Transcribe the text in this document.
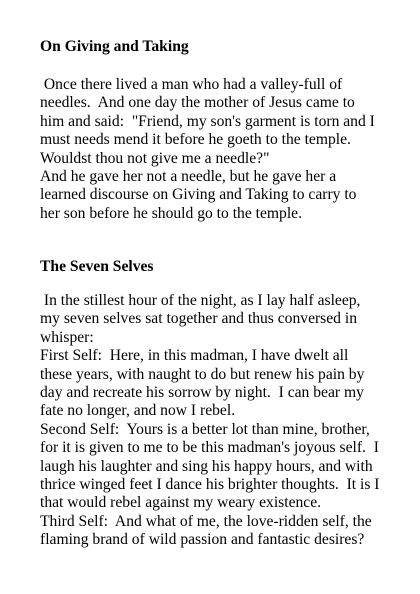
On Giving and Taking
Once there lived a man who had a valley-full of
needles.  And one day the mother of Jesus came to
him and said:  "Friend, my son's garment is torn and I
must needs mend it before he goeth to the temple.
Wouldst thou not give me a needle?"
And he gave her not a needle, but he gave her a
learned discourse on Giving and Taking to carry to
her son before he should go to the temple.
The Seven Selves
In the stillest hour of the night, as I lay half asleep,
my seven selves sat together and thus conversed in
whisper:
First Self:  Here, in this madman, I have dwelt all
these years, with naught to do but renew his pain by
day and recreate his sorrow by night.  I can bear my
fate no longer, and now I rebel.
Second Self:  Yours is a better lot than mine, brother,
for it is given to me to be this madman's joyous self.  I
laugh his laughter and sing his happy hours, and with
thrice winged feet I dance his brighter thoughts.  It is I
that would rebel against my weary existence.
Third Self:  And what of me, the love-ridden self, the
flaming brand of wild passion and fantastic desires?
